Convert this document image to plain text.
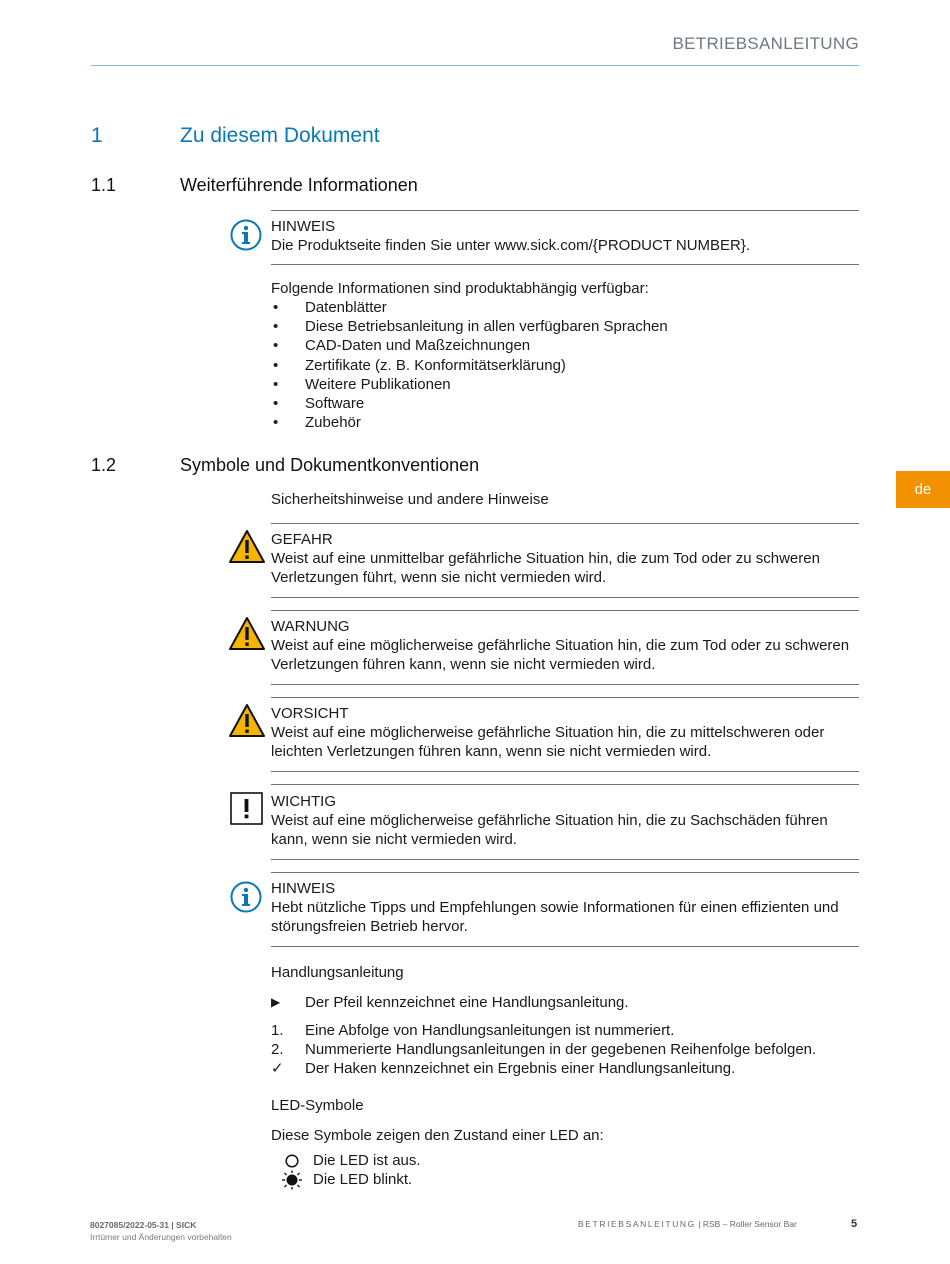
BETRIEBSANLEITUNG
de
1	Zu diesem Dokument
1.1	Weiterführende Informationen
HINWEIS
Die Produktseite finden Sie unter www.sick.com/{PRODUCT NUMBER}.
Folgende Informationen sind produktabhängig verfügbar:
• Datenblätter
• Diese Betriebsanleitung in allen verfügbaren Sprachen
• CAD-Daten und Maßzeichnungen
• Zertifikate (z. B. Konformitätserklärung)
• Weitere Publikationen
• Software
• Zubehör
1.2	Symbole und Dokumentkonventionen
Sicherheitshinweise und andere Hinweise
GEFAHR
Weist auf eine unmittelbar gefährliche Situation hin, die zum Tod oder zu schweren
Verletzungen führt, wenn sie nicht vermieden wird.
WARNUNG
Weist auf eine möglicherweise gefährliche Situation hin, die zum Tod oder zu schweren
Verletzungen führen kann, wenn sie nicht vermieden wird.
VORSICHT
Weist auf eine möglicherweise gefährliche Situation hin, die zu mittelschweren oder
leichten Verletzungen führen kann, wenn sie nicht vermieden wird.
WICHTIG
Weist auf eine möglicherweise gefährliche Situation hin, die zu Sachschäden führen
kann, wenn sie nicht vermieden wird.
HINWEIS
Hebt nützliche Tipps und Empfehlungen sowie Informationen für einen effizienten und
störungsfreien Betrieb hervor.
Handlungsanleitung
▶ Der Pfeil kennzeichnet eine Handlungsanleitung.
1. Eine Abfolge von Handlungsanleitungen ist nummeriert.
2. Nummerierte Handlungsanleitungen in der gegebenen Reihenfolge befolgen.
✓ Der Haken kennzeichnet ein Ergebnis einer Handlungsanleitung.
LED-Symbole
Diese Symbole zeigen den Zustand einer LED an:
Die LED ist aus.
Die LED blinkt.
8027085/2022-05-31 | SICK
Irrtümer und Änderungen vorbehalten
BETRIEBSANLEITUNG | RSB – Roller Sensor Bar	5
